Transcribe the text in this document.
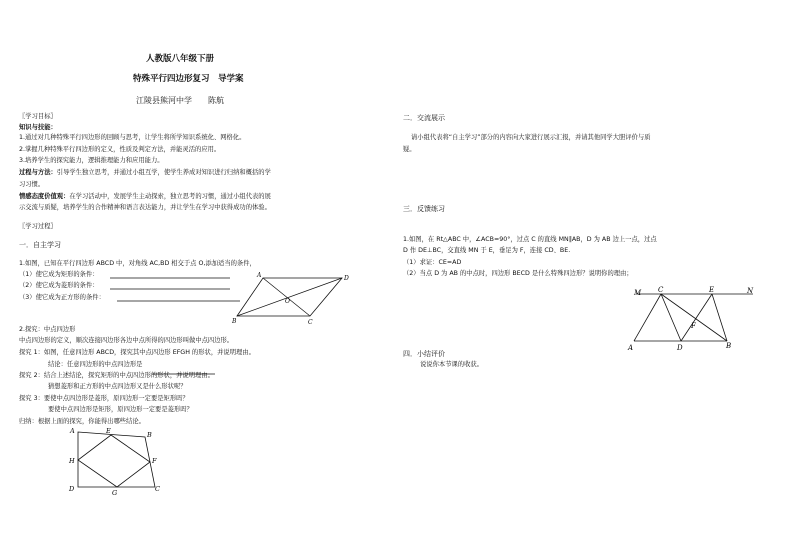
人教版八年级下册
特殊平行四边形复习　导学案
江陵县熊河中学　　陈航
〖学习目标〗
知识与技能：
1.通过对几种特殊平行四边形的回顾与思考，让学生将所学知识系统化、网格化。
2.掌握几种特殊平行四边形的定义，性质及判定方法，并能灵活的应用。
3.培养学生的探究能力，逻辑推理能力和应用能力。
过程与方法：引导学生独立思考，并通过小组互学，使学生养成对知识进行归纳和概括的学
习习惯。
情感态度价值观：在学习活动中，发展学生主动探索，独立思考的习惯，通过小组代表的展
示交流与质疑，培养学生的合作精神和语言表达能力，并让学生在学习中获得成功的体验。
〖学习过程〗
一．自主学习
1.如图，已知在平行四边形 ABCD 中，对角线 AC,BD 相交于点 O,添加适当的条件，
（1）使它成为矩形的条件：
（2）使它成为菱形的条件：
（3）使它成为正方形的条件：
A	D
B	C
O
2.探究：中点四边形
中点四边形的定义，顺次连接四边形各边中点所得的四边形叫做中点四边形。
探究 1：如图，任意四边形 ABCD，探究其中点四边形 EFGH 的形状，并说明理由。
结论：任意四边形的中点四边形是
探究 2：结合上述结论，探究矩形的中点四边形的形状，并说明理由。
猜想菱形和正方形的中点四边形又是什么形状呢？
探究 3：要使中点四边形是菱形，原四边形一定要是矩形吗？
要使中点四边形是矩形，原四边形一定要是菱形吗？
归纳：根据上面的探究，你能得出哪些结论。
A	E	B
H	F
D	C
G
二．交流展示
请小组代表将“自主学习”部分的内容向大家进行展示汇报，并请其他同学大胆评价与质
疑。
三．反馈练习
1.如图，在 Rt△ABC 中，∠ACB=90°，过点 C 的直线 MN∥AB，D 为 AB 边上一点，过点
D 作 DE⊥BC，交直线 MN 于 E，垂足为 F，连接 CD、BE.
（1）求证：CE=AD
（2）当点 D 为 AB 的中点时，四边形 BECD 是什么特殊四边形？说明你的理由；
M C	E	N
F
A	D	B
四．小结评价
说说你本节课的收获。
